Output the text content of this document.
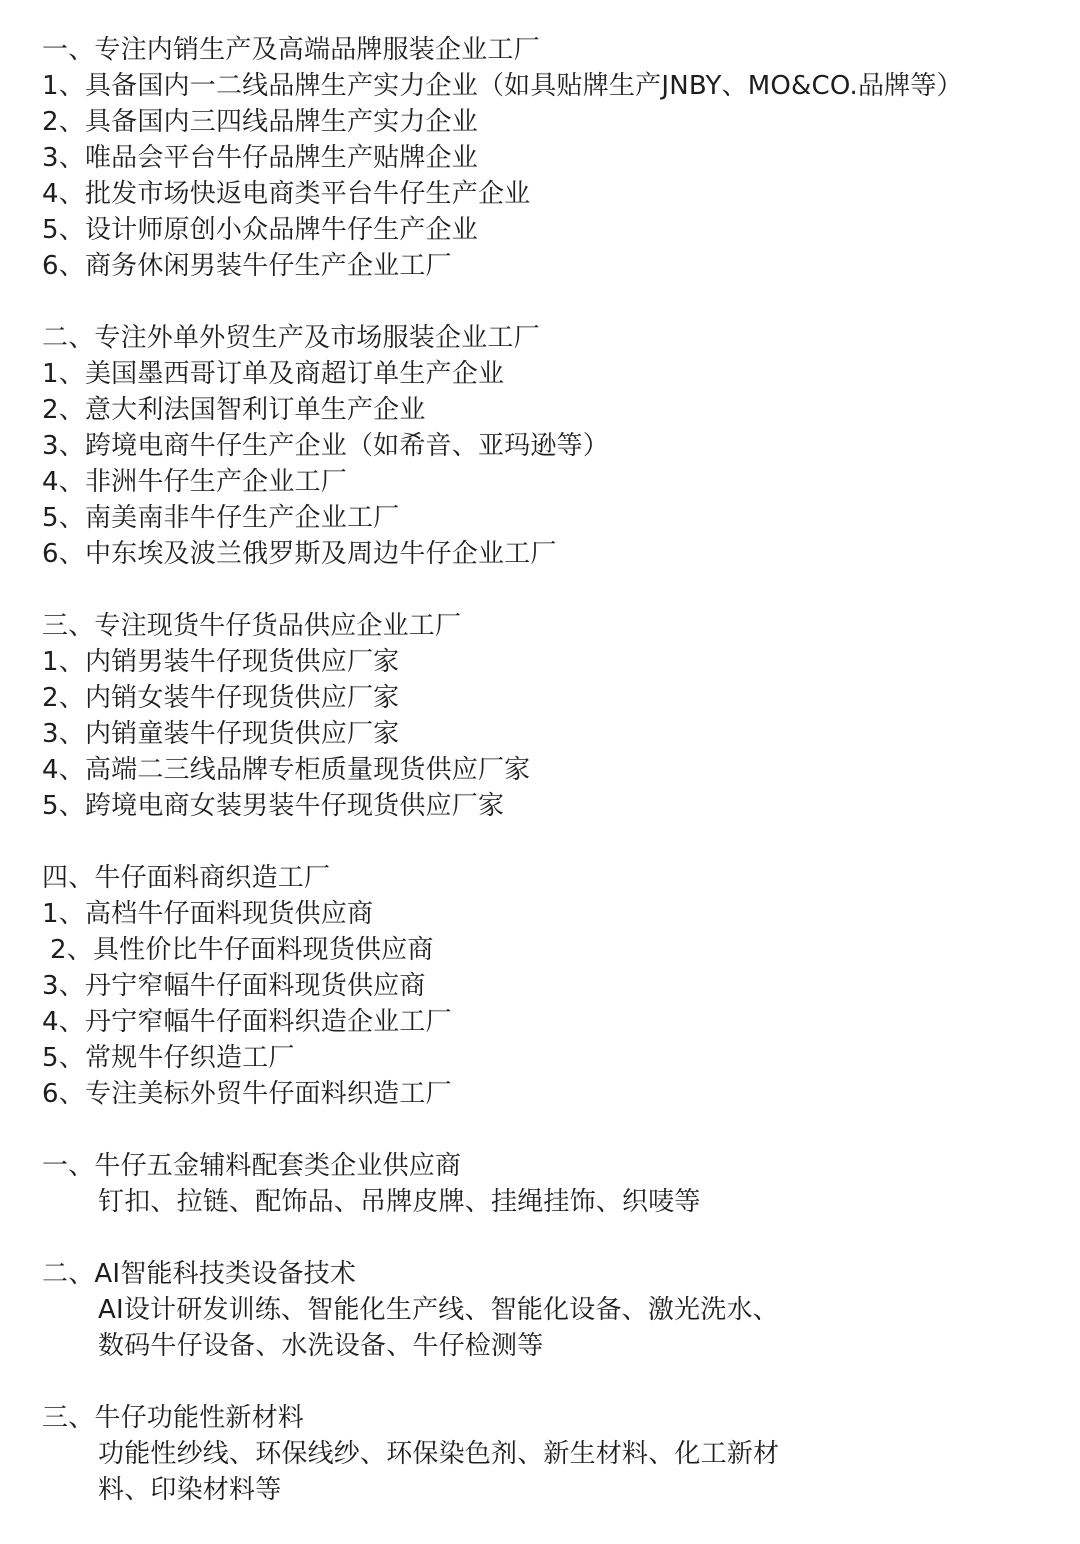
一、专注内销生产及高端品牌服装企业工厂
1、具备国内一二线品牌生产实力企业（如具贴牌生产JNBY、MO&CO.品牌等）
2、具备国内三四线品牌生产实力企业
3、唯品会平台牛仔品牌生产贴牌企业
4、批发市场快返电商类平台牛仔生产企业
5、设计师原创小众品牌牛仔生产企业
6、商务休闲男装牛仔生产企业工厂
二、专注外单外贸生产及市场服装企业工厂
1、美国墨西哥订单及商超订单生产企业
2、意大利法国智利订单生产企业
3、跨境电商牛仔生产企业（如希音、亚玛逊等）
4、非洲牛仔生产企业工厂
5、南美南非牛仔生产企业工厂
6、中东埃及波兰俄罗斯及周边牛仔企业工厂
三、专注现货牛仔货品供应企业工厂
1、内销男装牛仔现货供应厂家
2、内销女装牛仔现货供应厂家
3、内销童装牛仔现货供应厂家
4、高端二三线品牌专柜质量现货供应厂家
5、跨境电商女装男装牛仔现货供应厂家
四、牛仔面料商织造工厂
1、高档牛仔面料现货供应商
2、具性价比牛仔面料现货供应商
3、丹宁窄幅牛仔面料现货供应商
4、丹宁窄幅牛仔面料织造企业工厂
5、常规牛仔织造工厂
6、专注美标外贸牛仔面料织造工厂
一、牛仔五金辅料配套类企业供应商
钉扣、拉链、配饰品、吊牌皮牌、挂绳挂饰、织唛等
二、AI智能科技类设备技术
AI设计研发训练、智能化生产线、智能化设备、激光洗水、
数码牛仔设备、水洗设备、牛仔检测等
三、牛仔功能性新材料
功能性纱线、环保线纱、环保染色剂、新生材料、化工新材
料、印染材料等
